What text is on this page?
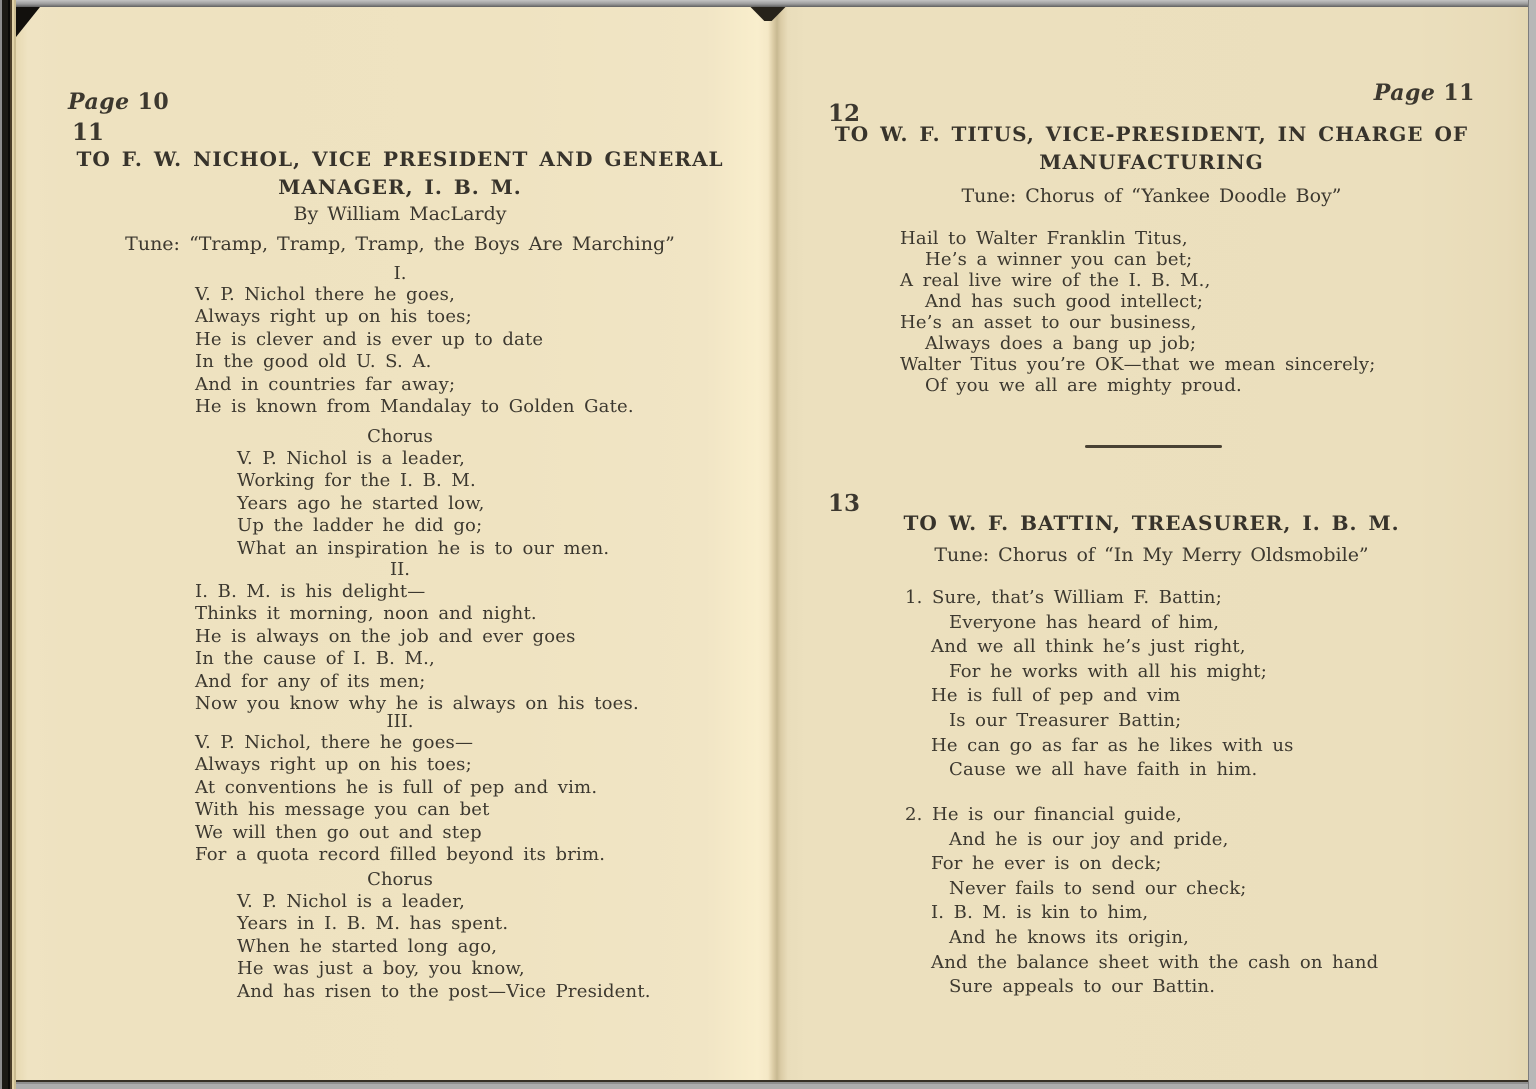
Page 10
11
TO F. W. NICHOL, VICE PRESIDENT AND GENERAL
MANAGER, I. B. M.
By William MacLardy
Tune: “Tramp, Tramp, Tramp, the Boys Are Marching”
I.
V. P. Nichol there he goes,
Always right up on his toes;
He is clever and is ever up to date
In the good old U. S. A.
And in countries far away;
He is known from Mandalay to Golden Gate.
Chorus
V. P. Nichol is a leader,
Working for the I. B. M.
Years ago he started low,
Up the ladder he did go;
What an inspiration he is to our men.
II.
I. B. M. is his delight—
Thinks it morning, noon and night.
He is always on the job and ever goes
In the cause of I. B. M.,
And for any of its men;
Now you know why he is always on his toes.
III.
V. P. Nichol, there he goes—
Always right up on his toes;
At conventions he is full of pep and vim.
With his message you can bet
We will then go out and step
For a quota record filled beyond its brim.
Chorus
V. P. Nichol is a leader,
Years in I. B. M. has spent.
When he started long ago,
He was just a boy, you know,
And has risen to the post—Vice President.
Page 11
12
TO W. F. TITUS, VICE-PRESIDENT, IN CHARGE OF
MANUFACTURING
Tune: Chorus of “Yankee Doodle Boy”
Hail to Walter Franklin Titus,
He’s a winner you can bet;
A real live wire of the I. B. M.,
And has such good intellect;
He’s an asset to our business,
Always does a bang up job;
Walter Titus you’re OK—that we mean sincerely;
Of you we all are mighty proud.
13
TO W. F. BATTIN, TREASURER, I. B. M.
Tune: Chorus of “In My Merry Oldsmobile”
1. Sure, that’s William F. Battin;
Everyone has heard of him,
And we all think he’s just right,
For he works with all his might;
He is full of pep and vim
Is our Treasurer Battin;
He can go as far as he likes with us
Cause we all have faith in him.
2. He is our financial guide,
And he is our joy and pride,
For he ever is on deck;
Never fails to send our check;
I. B. M. is kin to him,
And he knows its origin,
And the balance sheet with the cash on hand
Sure appeals to our Battin.
